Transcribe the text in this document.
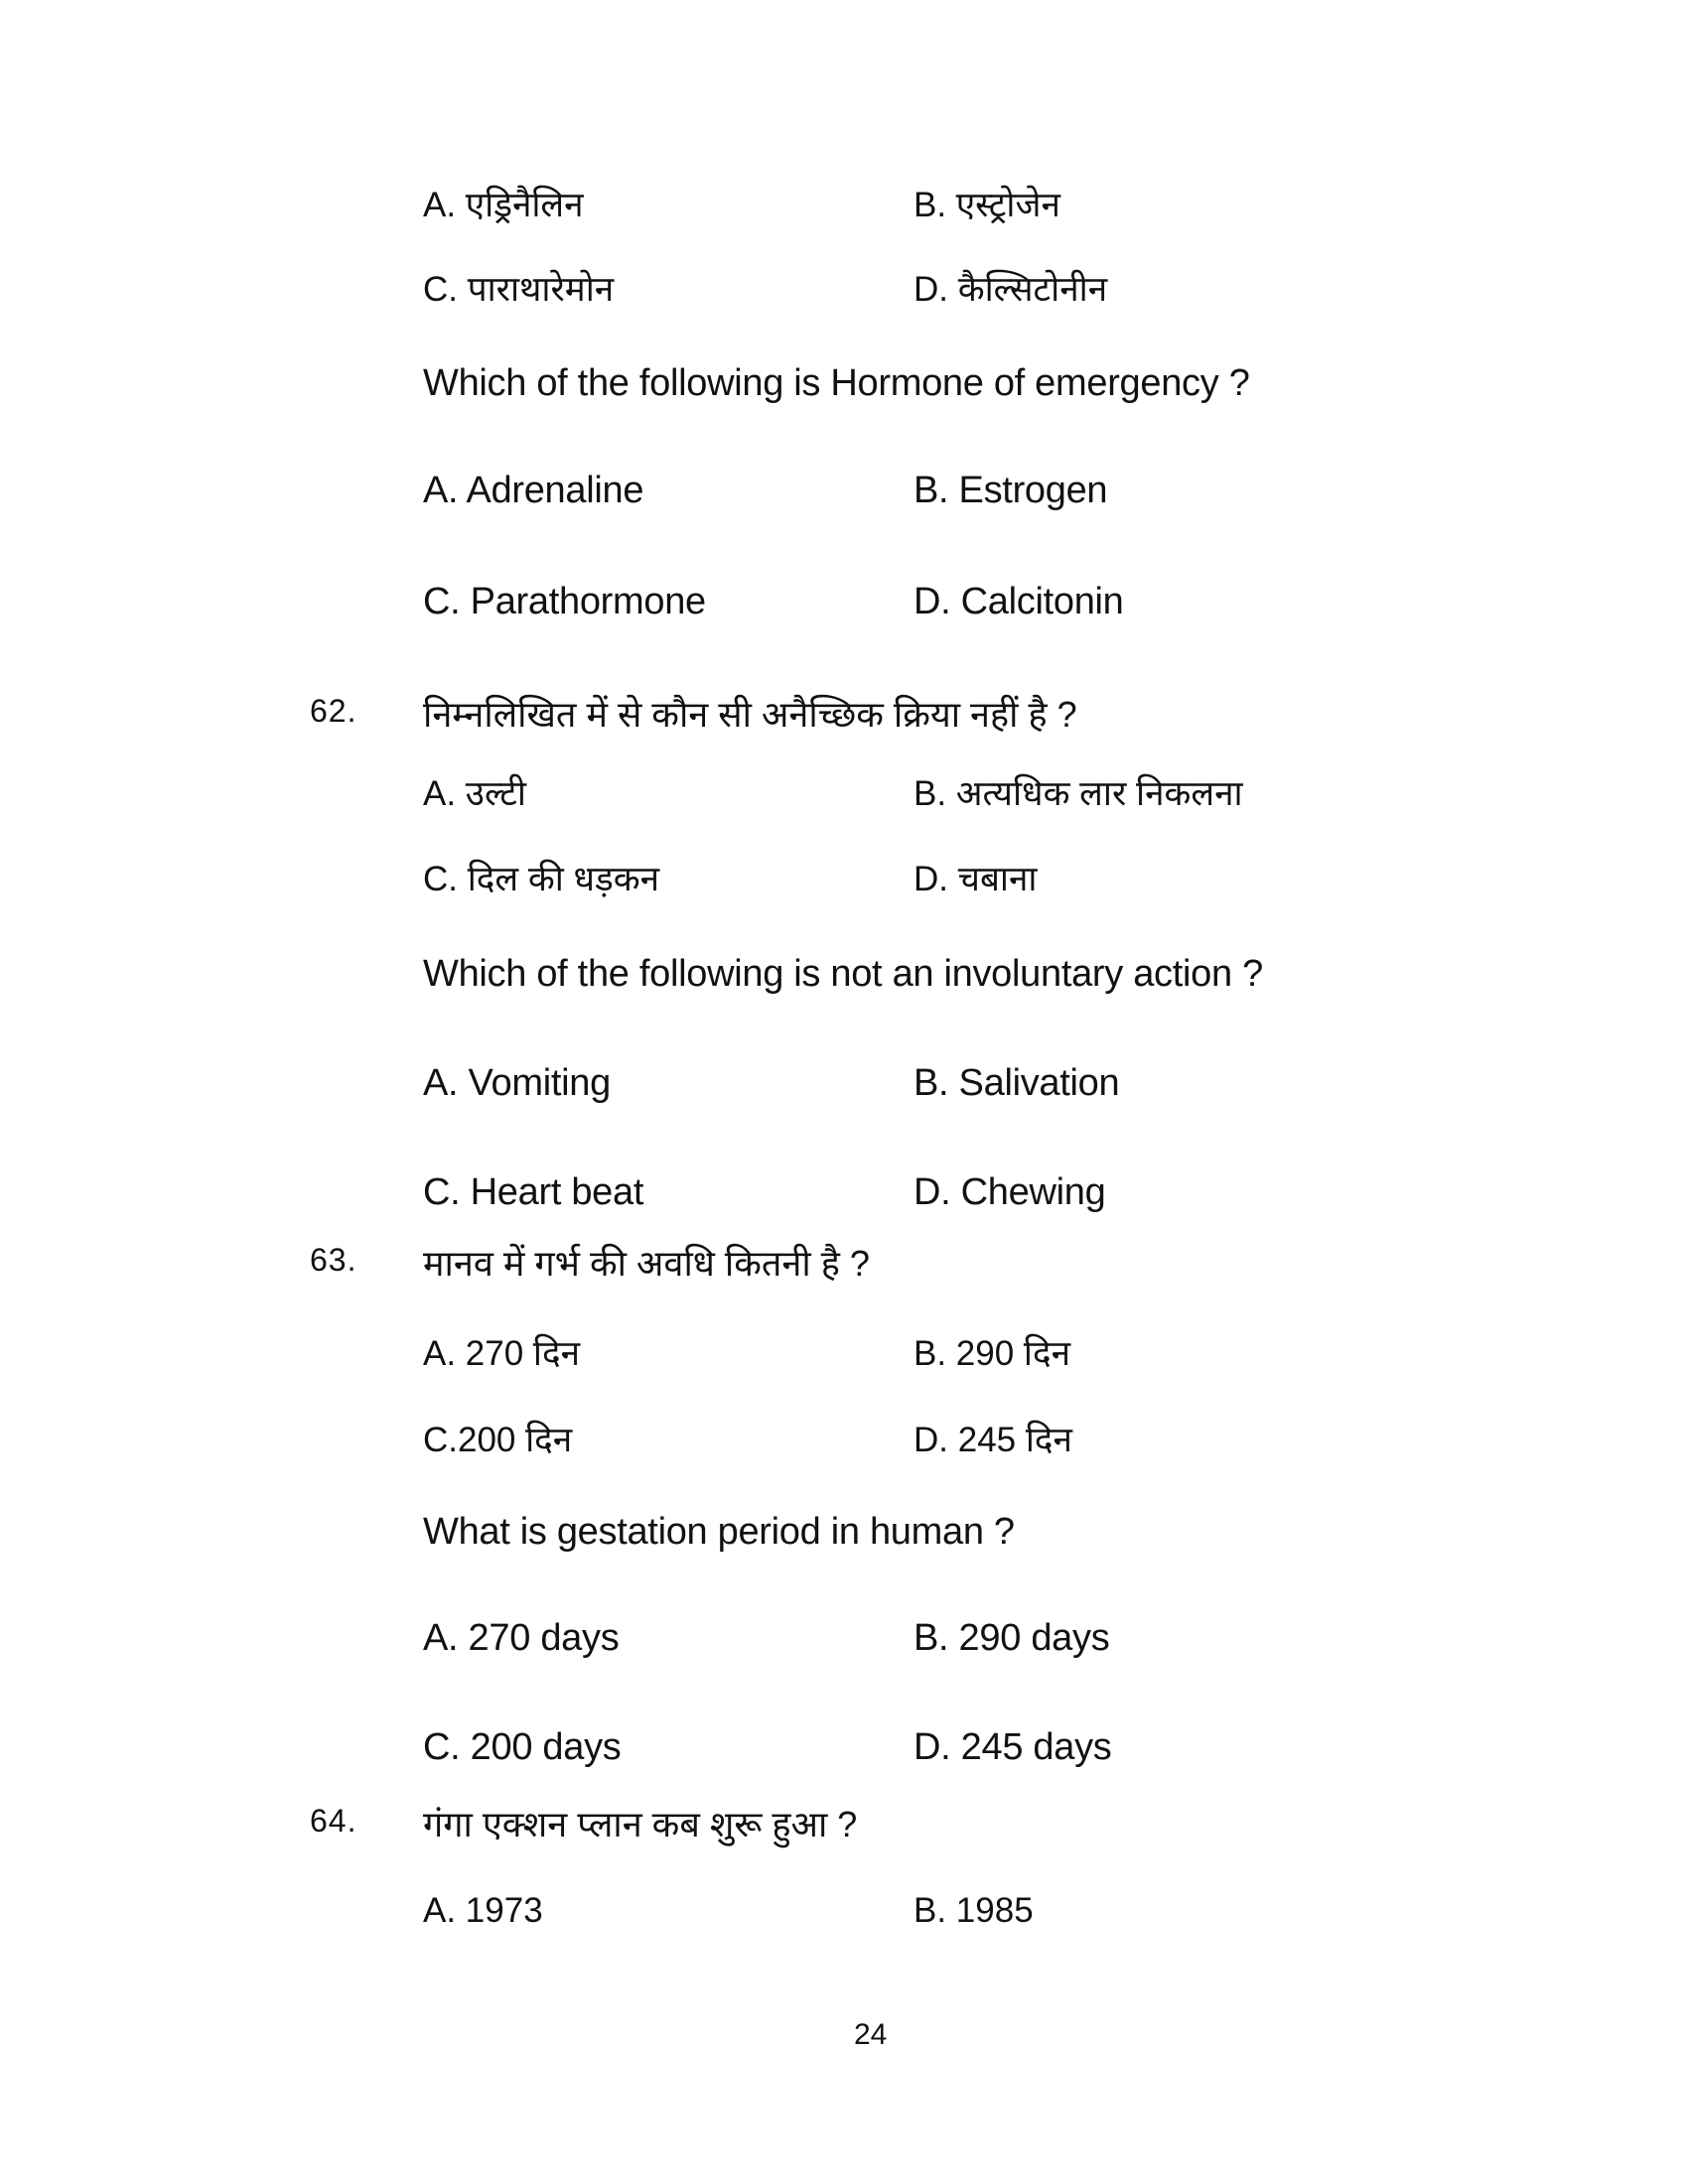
A. एड्रिनैलिन	B. एस्ट्रोजेन
C. पाराथारेमोन	D. कैल्सिटोनीन
Which of the following is Hormone of emergency ?
A. Adrenaline	B. Estrogen
C. Parathormone	D. Calcitonin
62. निम्नलिखित में से कौन सी अनैच्छिक क्रिया नहीं है ?
A. उल्टी	B. अत्यधिक लार निकलना
C. दिल की धड़कन	D. चबाना
Which of the following is not an involuntary action ?
A. Vomiting	B. Salivation
C. Heart beat	D. Chewing
63. मानव में गर्भ की अवधि कितनी है ?
A. 270 दिन	B. 290 दिन
C.200 दिन	D. 245 दिन
What is gestation period in human ?
A. 270 days	B. 290 days
C. 200 days	D. 245 days
64. गंगा एक्शन प्लान कब शुरू हुआ ?
A. 1973	B. 1985
24
